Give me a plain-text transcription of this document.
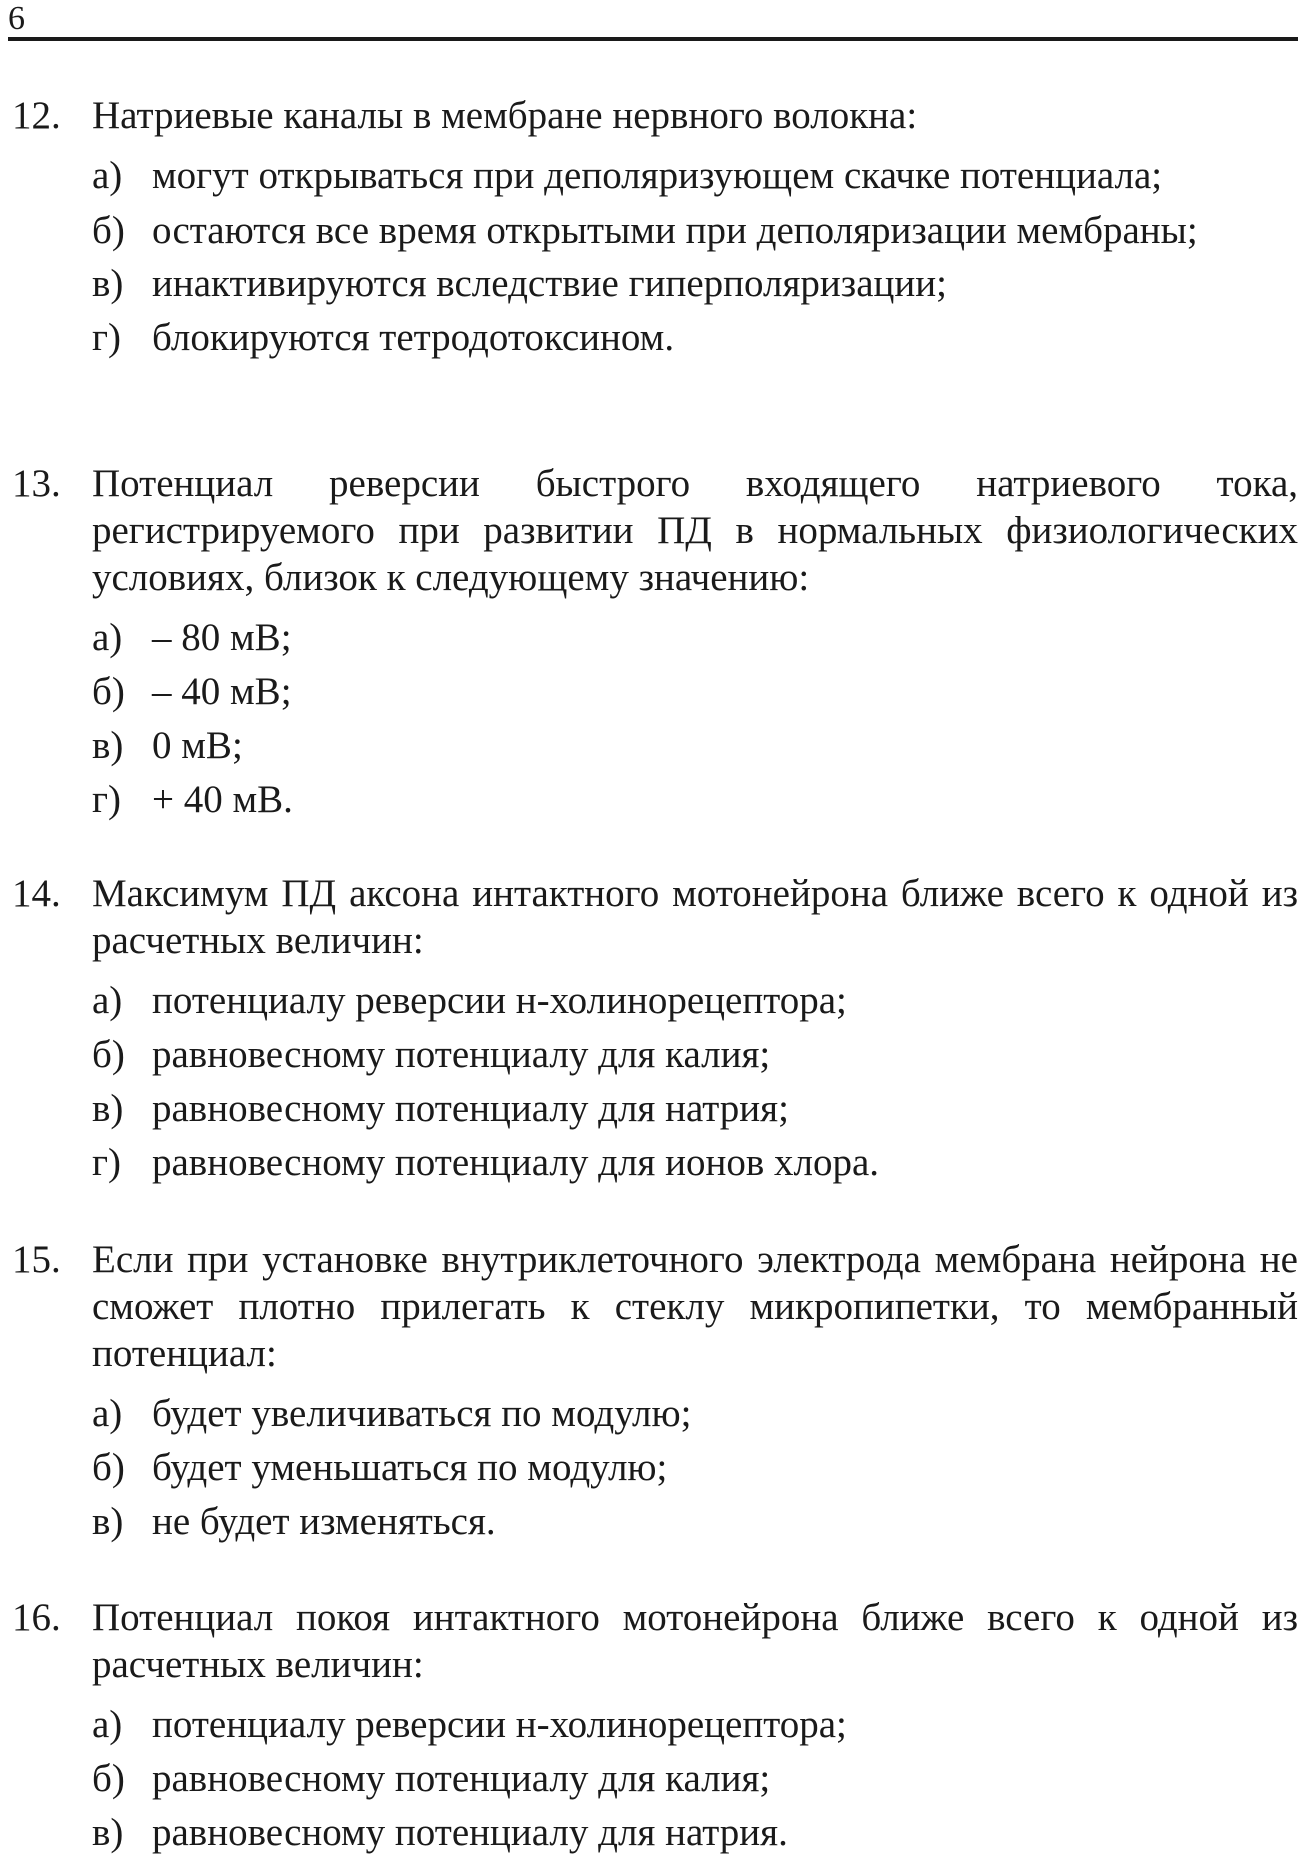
6
12. Натриевые каналы в мембране нервного волокна:
а) могут открываться при деполяризующем скачке потенциала;
б) остаются все время открытыми при деполяризации мембраны;
в) инактивируются вследствие гиперполяризации;
г) блокируются тетродотоксином.
13. Потенциал реверсии быстрого входящего натриевого тока, регистрируемого при развитии ПД в нормальных физиологических условиях, близок к следующему значению:
а) – 80 мВ;
б) – 40 мВ;
в) 0 мВ;
г) + 40 мВ.
14. Максимум ПД аксона интактного мотонейрона ближе всего к одной из расчетных величин:
а) потенциалу реверсии н-холинорецептора;
б) равновесному потенциалу для калия;
в) равновесному потенциалу для натрия;
г) равновесному потенциалу для ионов хлора.
15. Если при установке внутриклеточного электрода мембрана нейрона не сможет плотно прилегать к стеклу микропипетки, то мембранный потенциал:
а) будет увеличиваться по модулю;
б) будет уменьшаться по модулю;
в) не будет изменяться.
16. Потенциал покоя интактного мотонейрона ближе всего к одной из расчетных величин:
а) потенциалу реверсии н-холинорецептора;
б) равновесному потенциалу для калия;
в) равновесному потенциалу для натрия.
